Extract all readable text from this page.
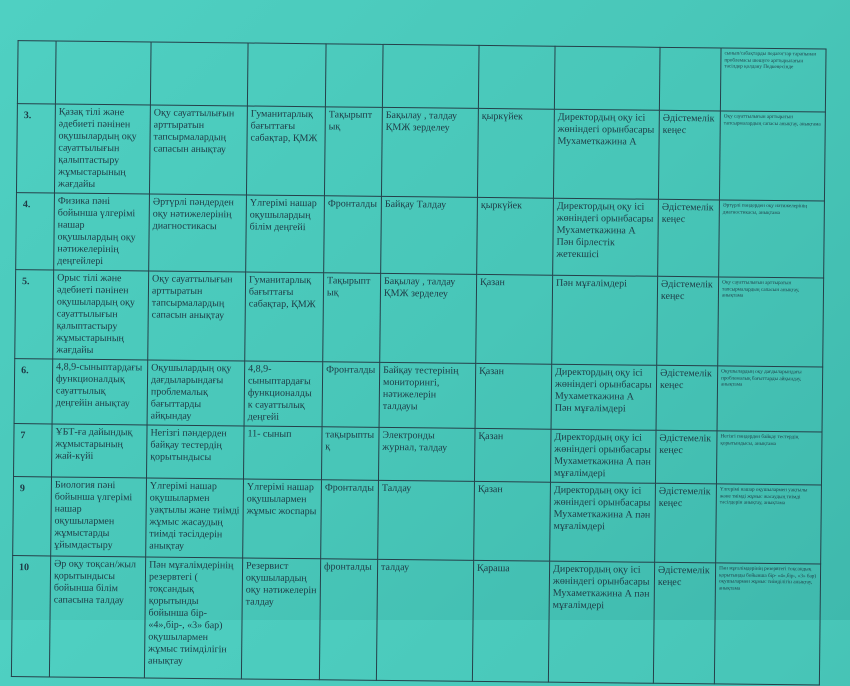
									сынып/сабақтарды педагогтар тарапынан проблемасы шешуге арттырылатын тәсілдер қолдану Педкеңесінде
3.	Қазақ тілі және әдебиеті пәнінен оқушылардың оқу сауаттылығын қалыптастыру жұмыстарының жағдайы	Оқу сауаттылығын арттыратын тапсырмалардың сапасын анықтау	Гуманитарлық бағыттағы сабақтар, ҚМЖ	Тақырыптық	Бақылау , талдау ҚМЖ зерделеу	қыркүйек	Директордың оқу ісі жөніндегі орынбасары Мухаметкажина А	Әдістемелік кеңес	Оқу сауаттылығын арттыратын тапсырмалардың сапасы анықтау, анықтама
4.	Физика пәні бойынша үлгерімі нашар оқушылардың оқу нәтижелерінің деңгейлері	Әртүрлі пәндерден оқу нәтижелерінің диагностикасы	Үлгерімі нашар оқушылардың білім деңгейі	Фронталды	Байқау Талдау	қыркүйек	Директордың оқу ісі жөніндегі орынбасары Мухаметкажина А Пән бірлестік жетекшісі	Әдістемелік кеңес	Әртүрлі пәндерден оқу нәтижелерінің диагностикасы, анықтама
5.	Орыс тілі және әдебиеті пәнінен оқушылардың оқу сауаттылығын қалыптастыру жұмыстарының жағдайы	Оқу сауаттылығын арттыратын тапсырмалардың сапасын анықтау	Гуманитарлық бағыттағы сабақтар, ҚМЖ	Тақырыптық	Бақылау , талдау ҚМЖ зерделеу	Қазан	Пән мұғалімдері	Әдістемелік кеңес	Оқу сауаттылығын арттыратын тапсырмалардың сапасын анықтау, анықтама
6.	4,8,9-сыныптардағы функционалдық сауаттылық деңгейін анықтау	Оқушылардың оқу дағдыларындағы проблемалық бағыттарды айқындау	4,8,9-сыныптардағы функционалды к сауаттылық деңгейі	Фронталды	Байқау тестерінің мониторингі, нәтижелерін талдауы	Қазан	Директордың оқу ісі жөніндегі орынбасары Мухаметкажина А Пән мұғалімдері	Әдістемелік кеңес	Оқушылардың оқу дағдыларындағы проблемалық бағыттарды айқындау, анықтама
7	ҰБТ-ға дайындық жұмыстарының жай-күйі	Негізгі пәндерден байқау тестердің қорытындысы	11- сынып	тақырыптық	Электронды журнал, талдау	Қазан	Директордың оқу ісі жөніндегі орынбасары Мухаметкажина А пән мұғалімдері	Әдістемелік кеңес	Негізгі пәндерден байқау тестердің қорытындысы, анықтама
9	Биология пәні бойынша үлгерімі нашар оқушылармен жұмыстарды ұйымдастыру	Үлгерімі нашар оқушылармен уақтылы және тиімді жұмыс жасаудың тиімді тәсілдерін анықтау	Үлгерімі нашар оқушылармен жұмыс жоспары	Фронталды	Талдау	Қазан	Директордың оқу ісі жөніндегі орынбасары Мухаметкажина А пән мұғалімдері	Әдістемелік кеңес	Үлгерімі нашар оқушылармен уақтылы және тиімді жұмыс жасаудың тиімді тәсілдерін анықтау, анықтама
10	Әр оқу тоқсан/жыл қорытындысы бойынша білім сапасына талдау	Пән мұғалімдерінің резервтегі ( тоқсандық қорытынды бойынша бір- «4»,бір-, «3» бар) оқушылармен жұмыс тиімділігін анықтау	Резервист оқушылардың оқу нәтижелерін талдау	фронталды	талдау	Қараша	Директордың оқу ісі жөніндегі орынбасары Мухаметкажина А пән мұғалімдері	Әдістемелік кеңес	Пән мұғалімдерінің резервтегі тоқсандық қорытынды бойынша бір- «4»,бір-, «3» бар) оқушылармен жұмыс тиімділігін анықтау, анықтама
